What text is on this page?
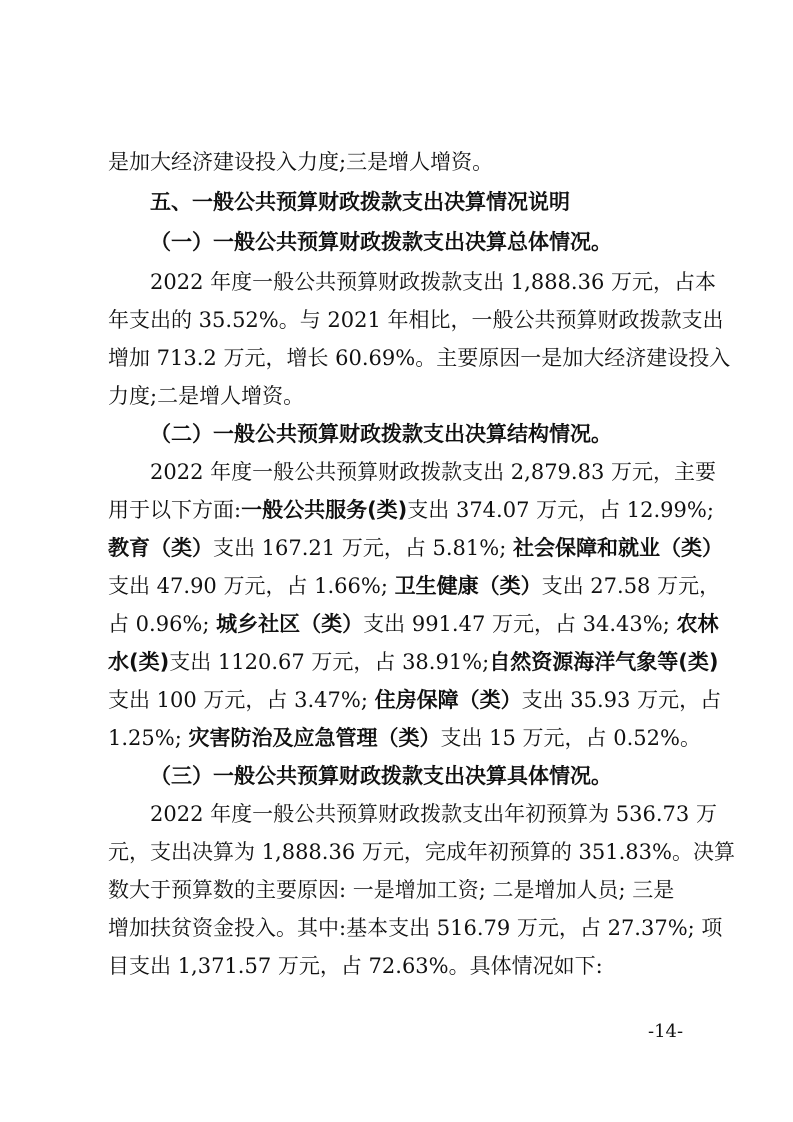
是加大经济建设投入力度;三是增人增资。
五、一般公共预算财政拨款支出决算情况说明
（一）一般公共预算财政拨款支出决算总体情况。
2022 年度一般公共预算财政拨款支出 1,888.36 万元，占本
年支出的 35.52%。与 2021 年相比，一般公共预算财政拨款支出
增加 713.2 万元，增长 60.69%。主要原因一是加大经济建设投入
力度;二是增人增资。
（二）一般公共预算财政拨款支出决算结构情况。
2022 年度一般公共预算财政拨款支出 2,879.83 万元，主要
用于以下方面:一般公共服务(类)支出 374.07 万元，占 12.99%;
教育（类）支出 167.21 万元，占 5.81%; 社会保障和就业（类）
支出 47.90 万元，占 1.66%; 卫生健康（类）支出 27.58 万元，
占 0.96%; 城乡社区（类）支出 991.47 万元，占 34.43%; 农林
水(类)支出 1120.67 万元，占 38.91%;自然资源海洋气象等(类)
支出 100 万元，占 3.47%; 住房保障（类）支出 35.93 万元，占
1.25%; 灾害防治及应急管理（类）支出 15 万元，占 0.52%。
（三）一般公共预算财政拨款支出决算具体情况。
2022 年度一般公共预算财政拨款支出年初预算为 536.73 万
元，支出决算为 1,888.36 万元，完成年初预算的 351.83%。决算
数大于预算数的主要原因: 一是增加工资; 二是增加人员; 三是
增加扶贫资金投入。其中:基本支出 516.79 万元，占 27.37%; 项
目支出 1,371.57 万元，占 72.63%。具体情况如下:
-14-
